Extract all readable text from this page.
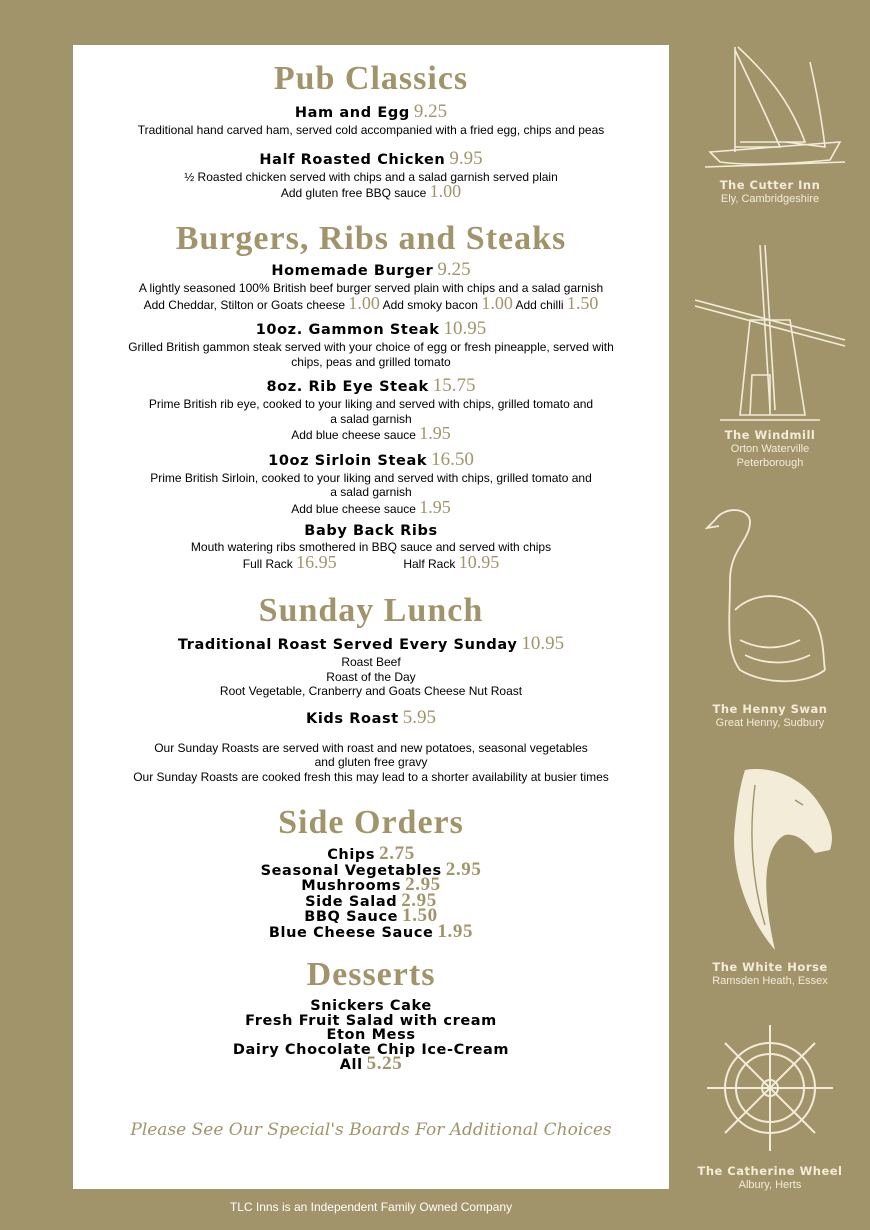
Pub Classics
Ham and Egg 9.25
Traditional hand carved ham, served cold accompanied with a fried egg, chips and peas
Half Roasted Chicken 9.95
½ Roasted chicken served with chips and a salad garnish served plain
Add gluten free BBQ sauce 1.00
Burgers, Ribs and Steaks
Homemade Burger 9.25
A lightly seasoned 100% British beef burger served plain with chips and a salad garnish
Add Cheddar, Stilton or Goats cheese 1.00 Add smoky bacon 1.00 Add chilli 1.50
10oz. Gammon Steak 10.95
Grilled British gammon steak served with your choice of egg or fresh pineapple, served with
chips, peas and grilled tomato
8oz. Rib Eye Steak 15.75
Prime British rib eye, cooked to your liking and served with chips, grilled tomato and
a salad garnish
Add blue cheese sauce 1.95
10oz Sirloin Steak 16.50
Prime British Sirloin, cooked to your liking and served with chips, grilled tomato and
a salad garnish
Add blue cheese sauce 1.95
Baby Back Ribs
Mouth watering ribs smothered in BBQ sauce and served with chips
Full Rack 16.95	Half Rack 10.95
Sunday Lunch
Traditional Roast Served Every Sunday 10.95
Roast Beef
Roast of the Day
Root Vegetable, Cranberry and Goats Cheese Nut Roast
Kids Roast 5.95
Our Sunday Roasts are served with roast and new potatoes, seasonal vegetables
and gluten free gravy
Our Sunday Roasts are cooked fresh this may lead to a shorter availability at busier times
Side Orders
Chips 2.75
Seasonal Vegetables 2.95
Mushrooms 2.95
Side Salad 2.95
BBQ Sauce 1.50
Blue Cheese Sauce 1.95
Desserts
Snickers Cake
Fresh Fruit Salad with cream
Eton Mess
Dairy Chocolate Chip Ice-Cream
All 5.25
Please See Our Special's Boards For Additional Choices
TLC Inns is an Independent Family Owned Company
The Cutter Inn
Ely, Cambridgeshire
The Windmill
Orton Waterville
Peterborough
The Henny Swan
Great Henny, Sudbury
The White Horse
Ramsden Heath, Essex
The Catherine Wheel
Albury, Herts
